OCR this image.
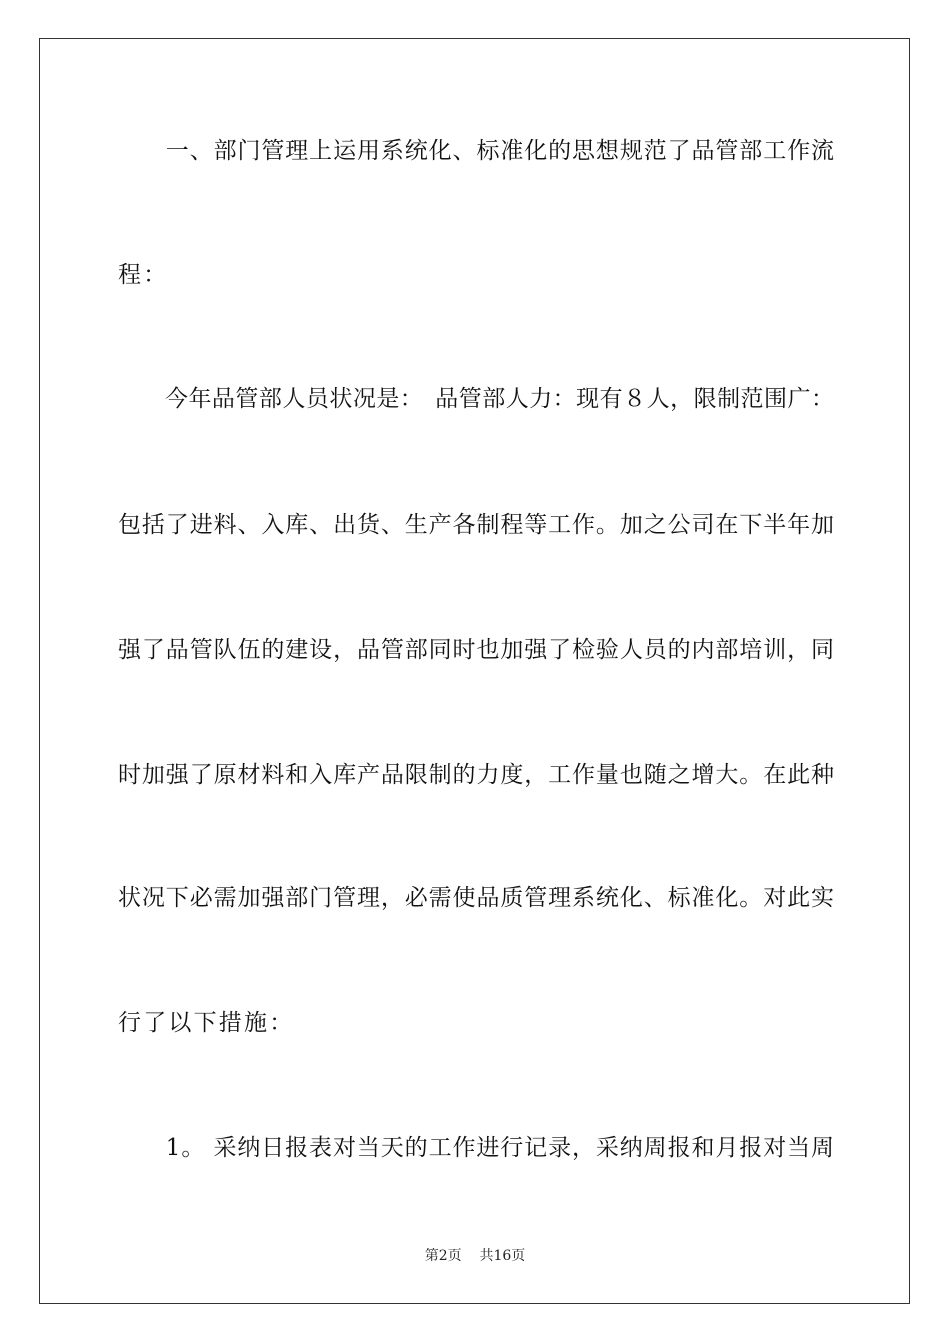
　　一、部门管理上运用系统化、标准化的思想规范了品管部工作流
程：
　　今年品管部人员状况是：　品管部人力：现有８人，限制范围广：
包括了进料、入库、出货、生产各制程等工作。加之公司在下半年加
强了品管队伍的建设，品管部同时也加强了检验人员的内部培训，同
时加强了原材料和入库产品限制的力度，工作量也随之增大。在此种
状况下必需加强部门管理，必需使品质管理系统化、标准化。对此实
行了以下措施：
　　1。 采纳日报表对当天的工作进行记录，采纳周报和月报对当周
第2页 共16页
